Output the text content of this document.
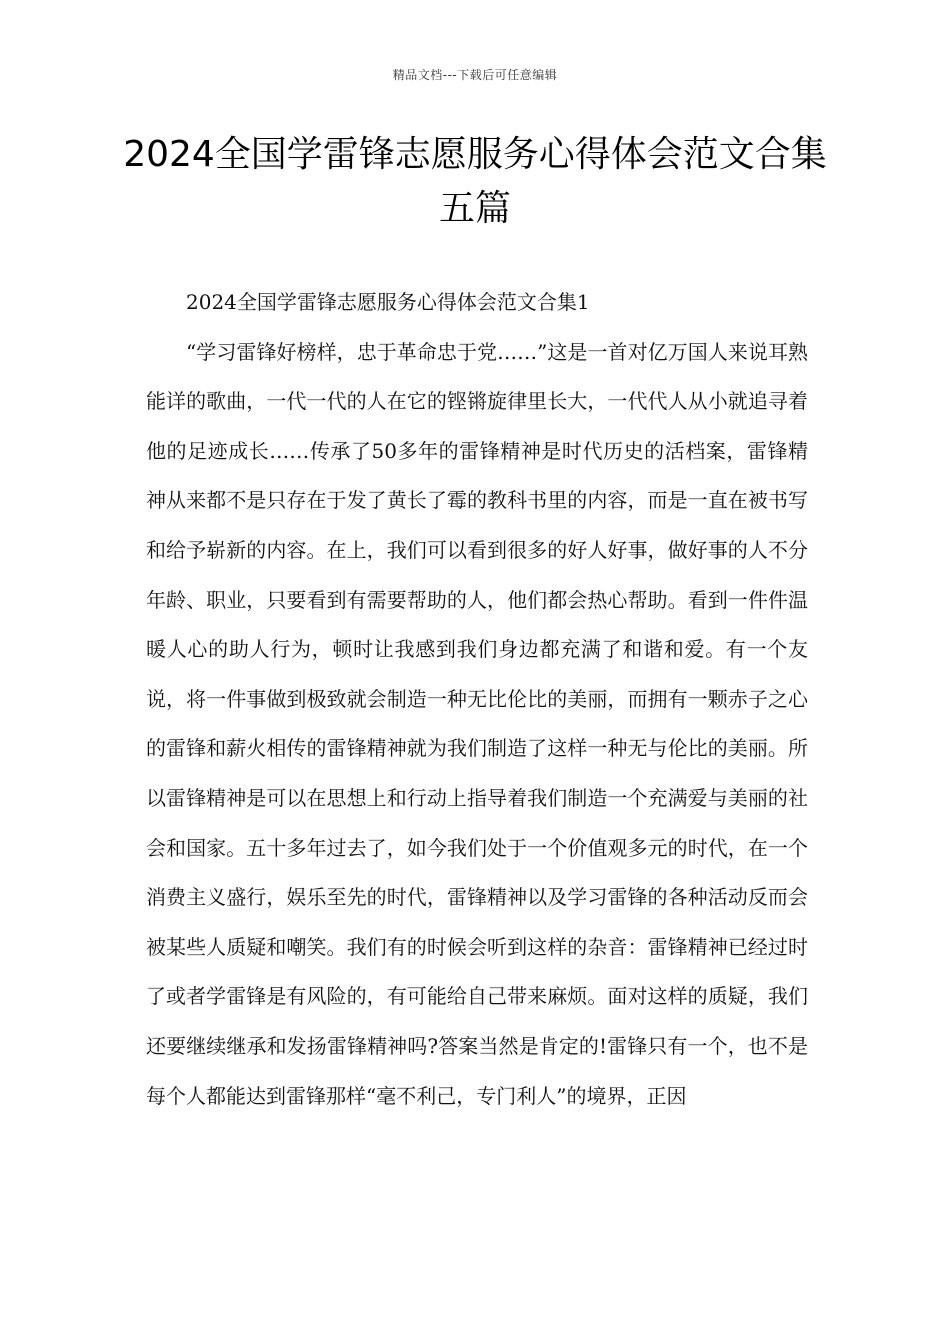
精品文档---下载后可任意编辑
2024全国学雷锋志愿服务心得体会范文合集五篇

2024全国学雷锋志愿服务心得体会范文合集1

“学习雷锋好榜样，忠于革命忠于党……”这是一首对亿万国人来说耳熟能详的歌曲，一代一代的人在它的铿锵旋律里长大，一代代人从小就追寻着他的足迹成长……传承了50多年的雷锋精神是时代历史的活档案，雷锋精神从来都不是只存在于发了黄长了霉的教科书里的内容，而是一直在被书写和给予崭新的内容。在上，我们可以看到很多的好人好事，做好事的人不分年龄、职业，只要看到有需要帮助的人，他们都会热心帮助。看到一件件温暖人心的助人行为，顿时让我感到我们身边都充满了和谐和爱。有一个友说，将一件事做到极致就会制造一种无比伦比的美丽，而拥有一颗赤子之心的雷锋和薪火相传的雷锋精神就为我们制造了这样一种无与伦比的美丽。所以雷锋精神是可以在思想上和行动上指导着我们制造一个充满爱与美丽的社会和国家。五十多年过去了，如今我们处于一个价值观多元的时代，在一个消费主义盛行，娱乐至先的时代，雷锋精神以及学习雷锋的各种活动反而会被某些人质疑和嘲笑。我们有的时候会听到这样的杂音：雷锋精神已经过时了或者学雷锋是有风险的，有可能给自己带来麻烦。面对这样的质疑，我们还要继续继承和发扬雷锋精神吗?答案当然是肯定的!雷锋只有一个，也不是每个人都能达到雷锋那样“毫不利己，专门利人”的境界，正因
